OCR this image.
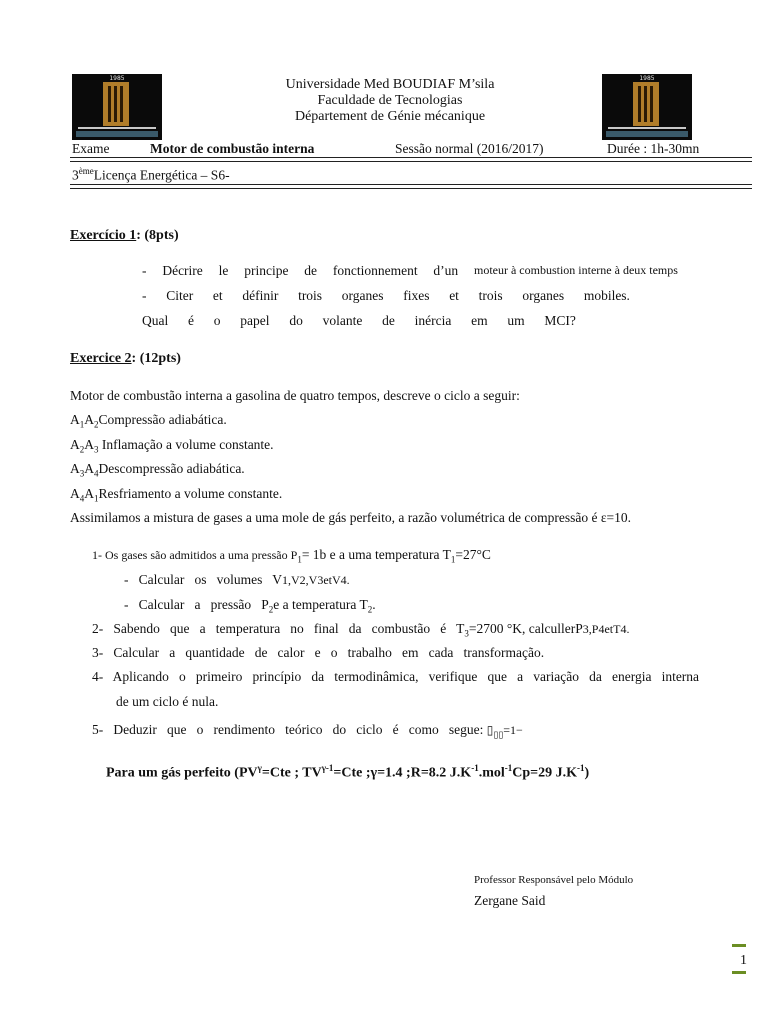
1985	1985
Universidade Med BOUDIAF M’sila
Faculdade de Tecnologias
Département de Génie mécanique
Exame	Motor de combustão interna	Sessão normal (2016/2017)	Durée : 1h-30mn
3èmeLicença Energética – S6-
Exercício 1: (8pts)
- Décrire le principe de fonctionnement d’un moteur à combustion interne à deux temps
- Citer et définir trois organes fixes et trois organes mobiles.
Qual é o papel do volante de inércia em um MCI?
Exercice 2: (12pts)
Motor de combustão interna a gasolina de quatro tempos, descreve o ciclo a seguir:
$A_1A_2Compressão$ adiabática.
$A_2A_3$ Inflamação a volume constante.
$A_3A_4Descompressão$ adiabática.
$A_4A_1Resfriamento$ a volume constante.
Assimilamos a mistura de gases a uma mole de gás perfeito, a razão volumétrica de compressão é ε=10.
1- Os gases são admitidos a uma pressão $P_1= 1b$ e a uma temperatura $T_1=27^\circ C$
-   Calcular   os   volumes   V1,V2,V3etV4.
-   Calcular   a   pressão   $P_2e$ a temperatura $T_2$.
2-   Sabendo   que   a   temperatura   no   final   da   combustão   é   $T_3=2700$ °K, calcullerP3,P4etT4.
3-   Calcular   a   quantidade   de   calor   e   o   trabalho   em   cada   transformação.
4-   Aplicando   o   primeiro   princípio   da   termodinâmica,   verifique   que   a   variação   da   energia   interna
de um ciclo é nula.
5-   Deduzir   que   o   rendimento   teórico   do   ciclo   é   como   segue: $▯_{▯▯}=1-$
Para um gás perfeito ($PV^\gamma=Cte$ ; $TV^{\gamma-1}=Cte$ ;γ=1.4 ;R=8.2 $J.K^{-1}.mol^{-1}Cp=29$ $J.K^{-1}$)
Professor Responsável pelo Módulo
Zergane Said
1
